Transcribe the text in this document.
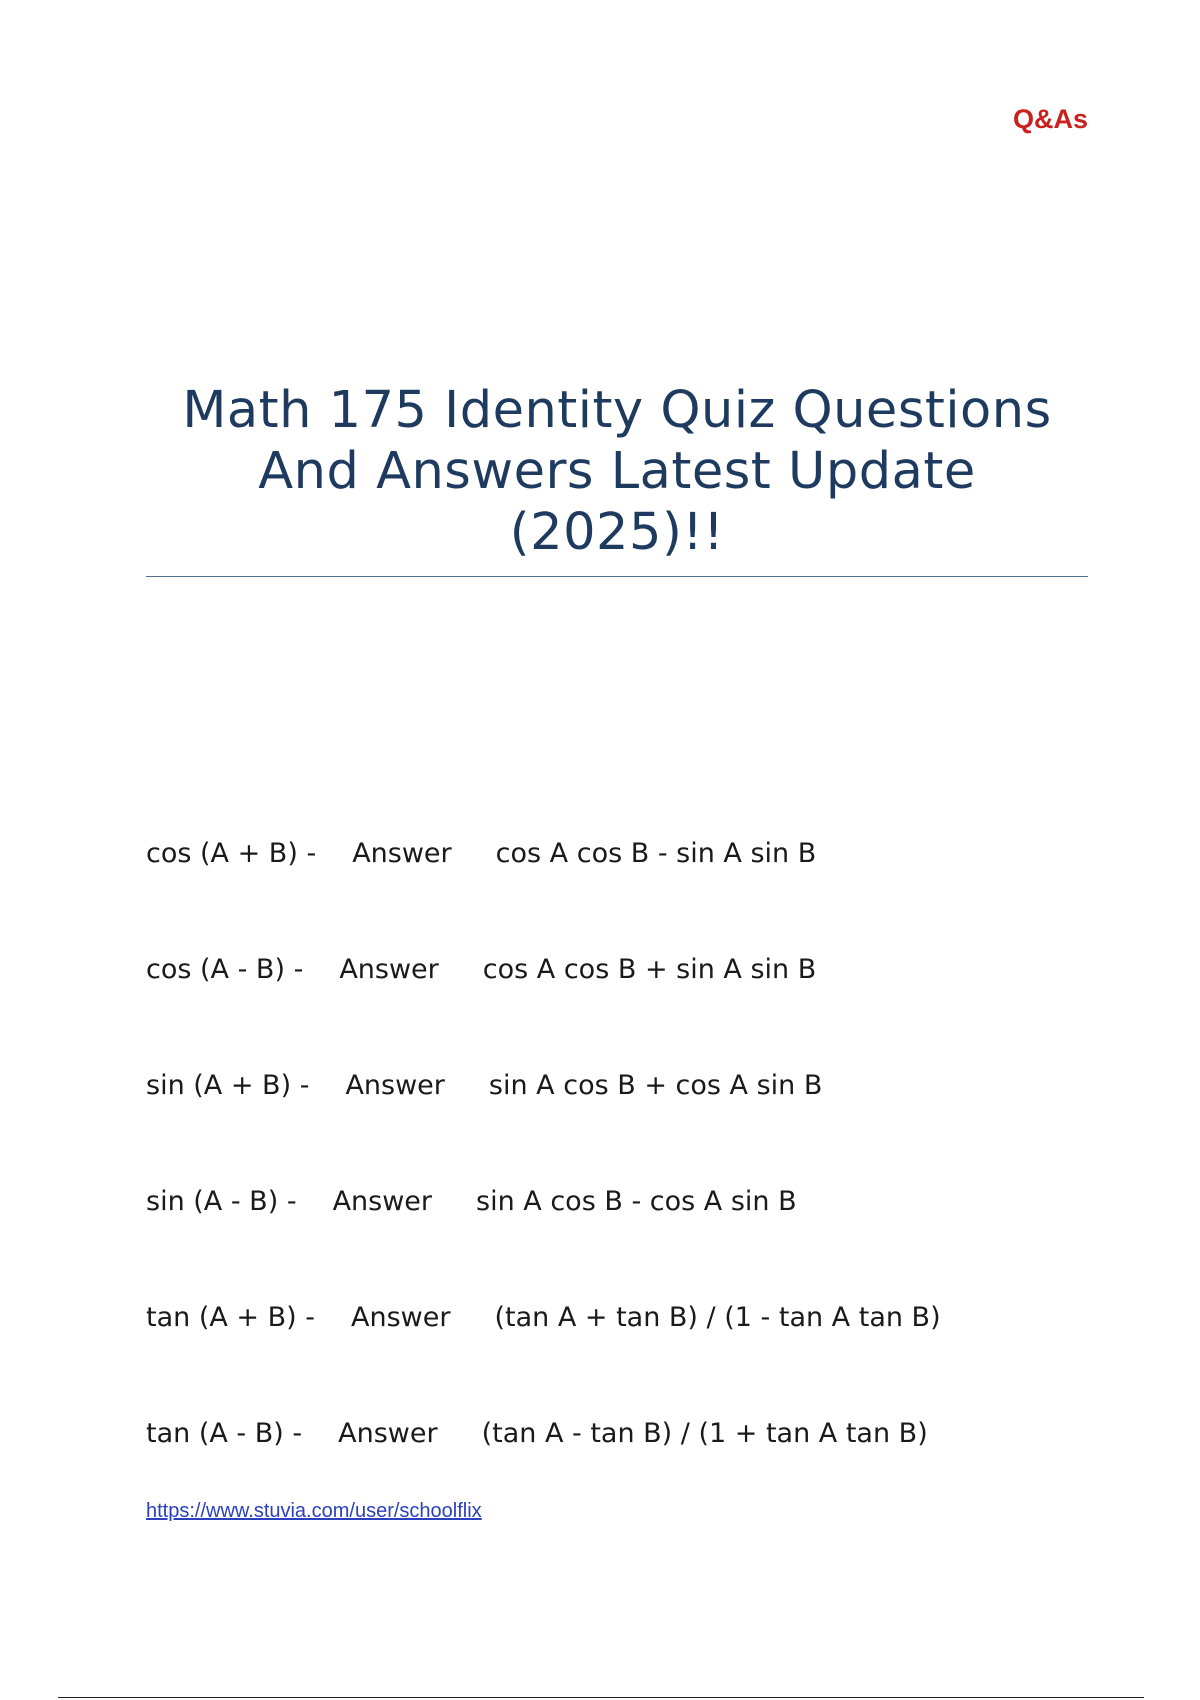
Q&As
Math 175 Identity Quiz Questions And Answers Latest Update (2025)!!
cos (A + B) - Answer cos A cos B - sin A sin B
cos (A - B) - Answer cos A cos B + sin A sin B
sin (A + B) - Answer sin A cos B + cos A sin B
sin (A - B) - Answer sin A cos B - cos A sin B
tan (A + B) - Answer (tan A + tan B) / (1 - tan A tan B)
tan (A - B) - Answer (tan A - tan B) / (1 + tan A tan B)
https://www.stuvia.com/user/schoolflix
